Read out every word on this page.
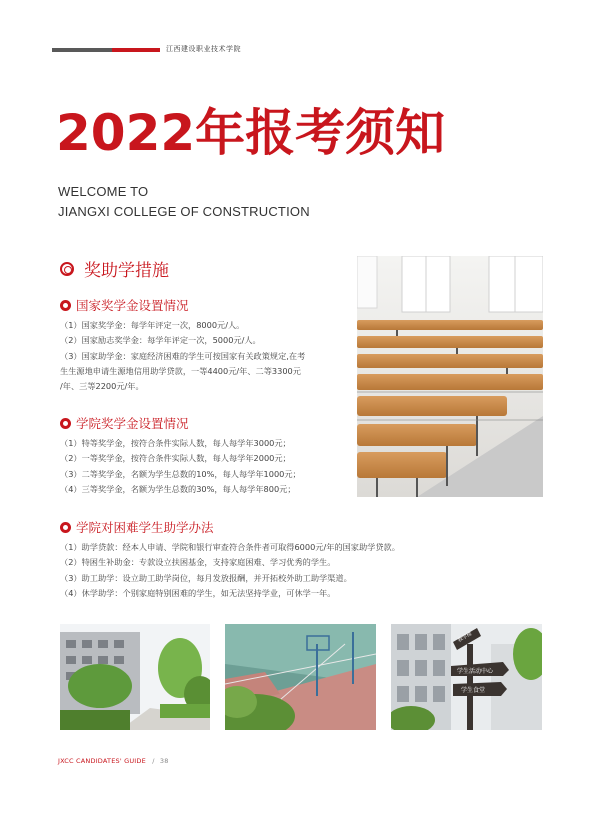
江西建设职业技术学院
2022年报考须知
WELCOME TO
JIANGXI COLLEGE OF CONSTRUCTION
奖助学措施
国家奖学金设置情况

（1）国家奖学金：每学年评定一次，8000元/人。

（2）国家励志奖学金：每学年评定一次，5000元/人。

（3）国家助学金：家庭经济困难的学生可按国家有关政策规定,在考

生生源地申请生源地信用助学贷款，一等4400元/年、二等3300元

/年、三等2200元/年。

学院奖学金设置情况

（1）特等奖学金，按符合条件实际人数，每人每学年3000元；

（2）一等奖学金，按符合条件实际人数，每人每学年2000元；

（3）二等奖学金，名额为学生总数的10%，每人每学年1000元；

（4）三等奖学金，名额为学生总数的30%，每人每学年800元；

学院对困难学生助学办法

（1）助学贷款：经本人申请、学院和银行审查符合条件者可取得6000元/年的国家助学贷款。

（2）特困生补助金：专款设立扶困基金，支持家庭困难、学习优秀的学生。

（3）助工助学：设立助工助学岗位，每月发放报酬，并开拓校外助工助学渠道。

（4）休学助学：个别家庭特别困难的学生，如无法坚持学业，可休学一年。

学生活动中心
学生食堂
教学楼
JXCC CANDIDATES' GUIDE / 38
